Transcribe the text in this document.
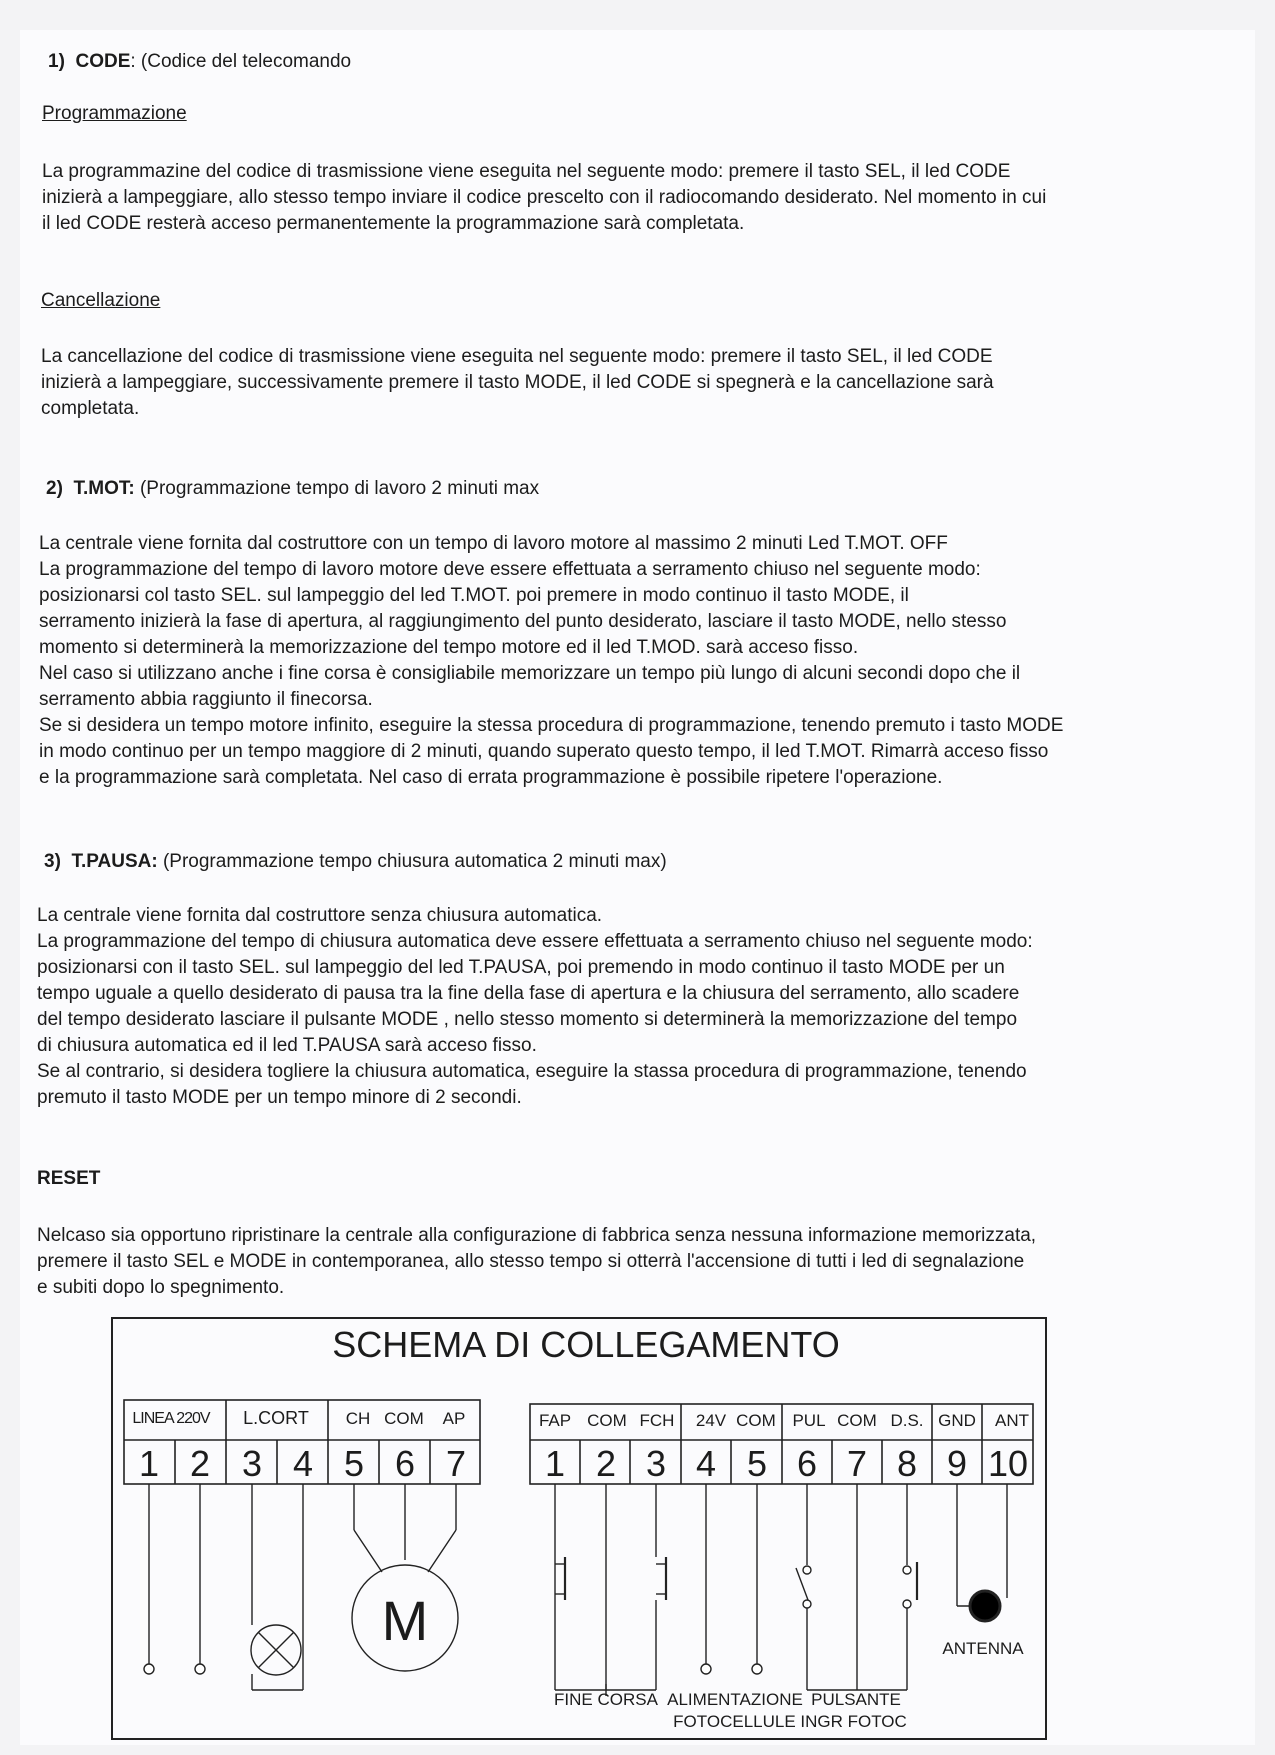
1) CODE: (Codice del telecomando

Programmazione

La programmazine del codice di trasmissione viene eseguita nel seguente modo: premere il tasto SEL, il led CODE
inizierà a lampeggiare, allo stesso tempo inviare il codice prescelto con il radiocomando desiderato. Nel momento in cui
il led CODE resterà acceso permanentemente la programmazione sarà completata.

Cancellazione

La cancellazione del codice di trasmissione viene eseguita nel seguente modo: premere il tasto SEL, il led CODE
inizierà a lampeggiare, successivamente premere il tasto MODE, il led CODE si spegnerà e la cancellazione sarà
completata.

2) T.MOT: (Programmazione tempo di lavoro 2 minuti max

La centrale viene fornita dal costruttore con un tempo di lavoro motore al massimo 2 minuti Led T.MOT. OFF
La programmazione del tempo di lavoro motore deve essere effettuata a serramento chiuso nel seguente modo:
posizionarsi col tasto SEL. sul lampeggio del led T.MOT. poi premere in modo continuo il tasto MODE, il
serramento inizierà la fase di apertura, al raggiungimento del punto desiderato, lasciare il tasto MODE, nello stesso
momento si determinerà la memorizzazione del tempo motore ed il led T.MOD. sarà acceso fisso.
Nel caso si utilizzano anche i fine corsa è consigliabile memorizzare un tempo più lungo di alcuni secondi dopo che il
serramento abbia raggiunto il finecorsa.
Se si desidera un tempo motore infinito, eseguire la stessa procedura di programmazione, tenendo premuto i tasto MODE
in modo continuo per un tempo maggiore di 2 minuti, quando superato questo tempo, il led T.MOT. Rimarrà acceso fisso
e la programmazione sarà completata. Nel caso di errata programmazione è possibile ripetere l'operazione.

3) T.PAUSA: (Programmazione tempo chiusura automatica 2 minuti max)

La centrale viene fornita dal costruttore senza chiusura automatica.
La programmazione del tempo di chiusura automatica deve essere effettuata a serramento chiuso nel seguente modo:
posizionarsi con il tasto SEL. sul lampeggio del led T.PAUSA, poi premendo in modo continuo il tasto MODE per un
tempo uguale a quello desiderato di pausa tra la fine della fase di apertura e la chiusura del serramento, allo scadere
del tempo desiderato lasciare il pulsante MODE , nello stesso momento si determinerà la memorizzazione del tempo
di chiusura automatica ed il led T.PAUSA sarà acceso fisso.
Se al contrario, si desidera togliere la chiusura automatica, eseguire la stassa procedura di programmazione, tenendo
premuto il tasto MODE per un tempo minore di 2 secondi.

RESET

Nelcaso sia opportuno ripristinare la centrale alla configurazione di fabbrica senza nessuna informazione memorizzata,
premere il tasto SEL e MODE in contemporanea, allo stesso tempo si otterrà l'accensione di tutti i led di segnalazione
e subiti dopo lo spegnimento.
SCHEMA DI COLLEGAMENTO
LINEA 220V L.CORT CH COM AP
1 2 3 4 5 6 7
FAP COM FCH 24V COM PUL COM D.S. GND ANT
1 2 3 4 5 6 7 8 9 10
M	ANTENNA
FINE CORSA ALIMENTAZIONE PULSANTE
FOTOCELLULE INGR FOTOC
